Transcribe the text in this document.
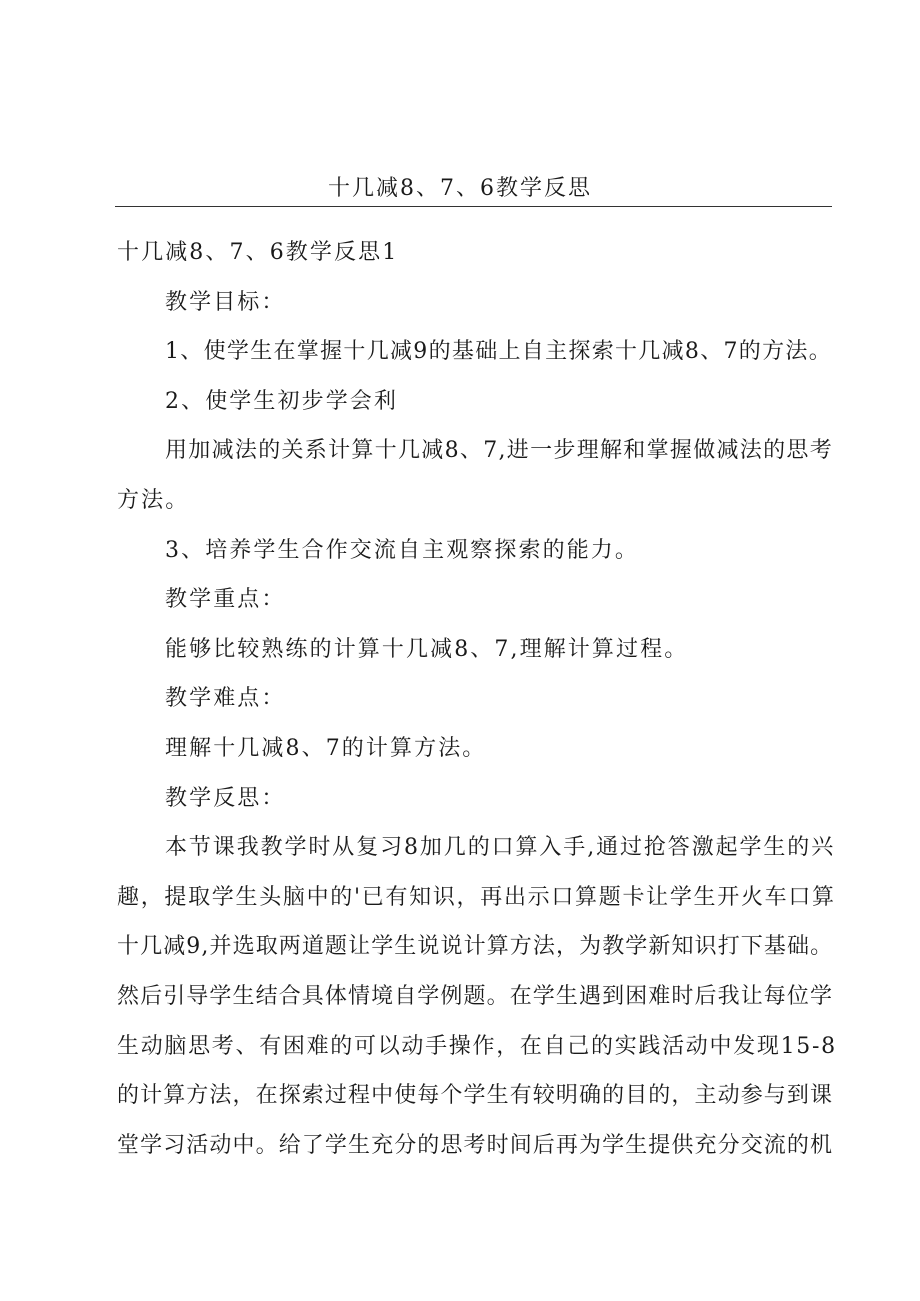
十几减8、7、6教学反思
十几减8、7、6教学反思1
教学目标：
1、使学生在掌握十几减9的基础上自主探索十几减8、7的方法。
2、使学生初步学会利
用加减法的关系计算十几减8、7,进一步理解和掌握做减法的思考
方法。
3、培养学生合作交流自主观察探索的能力。
教学重点：
能够比较熟练的计算十几减8、7,理解计算过程。
教学难点：
理解十几减8、7的计算方法。
教学反思：
本节课我教学时从复习8加几的口算入手,通过抢答激起学生的兴
趣，提取学生头脑中的'已有知识，再出示口算题卡让学生开火车口算
十几减9,并选取两道题让学生说说计算方法，为教学新知识打下基础。
然后引导学生结合具体情境自学例题。在学生遇到困难时后我让每位学
生动脑思考、有困难的可以动手操作，在自己的实践活动中发现15-8
的计算方法，在探索过程中使每个学生有较明确的目的，主动参与到课
堂学习活动中。给了学生充分的思考时间后再为学生提供充分交流的机
